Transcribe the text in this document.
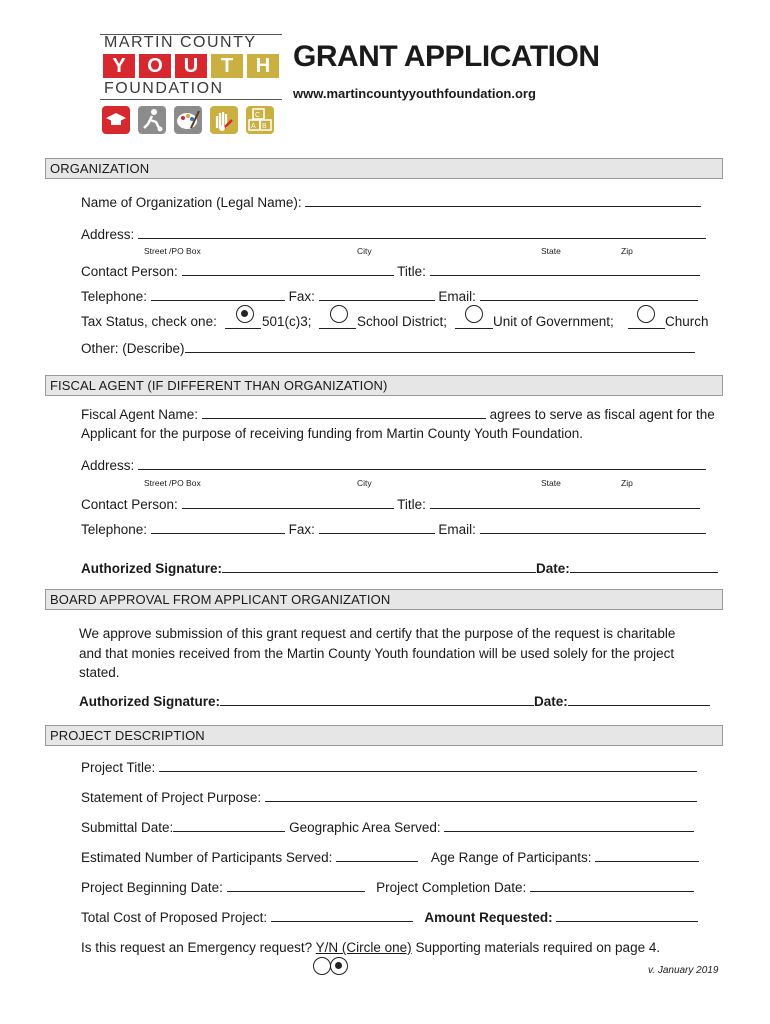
MARTIN COUNTY
Y	O	U	T	H
FOUNDATION
C
A B
GRANT APPLICATION
www.martincountyyouthfoundation.org
ORGANIZATION
Name of Organization (Legal Name):
Address:
Street /PO Box	City	State	Zip
Contact Person:	Title:
Telephone:	Fax:	Email:
Tax Status, check one:	501(c)3;	School District;	Unit of Government;	Church
Other: (Describe)
FISCAL AGENT (IF DIFFERENT THAN ORGANIZATION)
Fiscal Agent Name:	agrees to serve as fiscal agent for the
Applicant for the purpose of receiving funding from Martin County Youth Foundation.
Address:
Street /PO Box	City	State	Zip
Contact Person:	Title:
Telephone:	Fax:	Email:
Authorized Signature:	Date:
BOARD APPROVAL FROM APPLICANT ORGANIZATION
We approve submission of this grant request and certify that the purpose of the request is charitable
and that monies received from the Martin County Youth foundation will be used solely for the project
stated.
Authorized Signature:	Date:
PROJECT DESCRIPTION
Project Title:
Statement of Project Purpose:
Submittal Date:	Geographic Area Served:
Estimated Number of Participants Served:	Age Range of Participants:
Project Beginning Date:	Project Completion Date:
Total Cost of Proposed Project:	Amount Requested:
Is this request an Emergency request? Y/N (Circle one) Supporting materials required on page 4.
v. January 2019
